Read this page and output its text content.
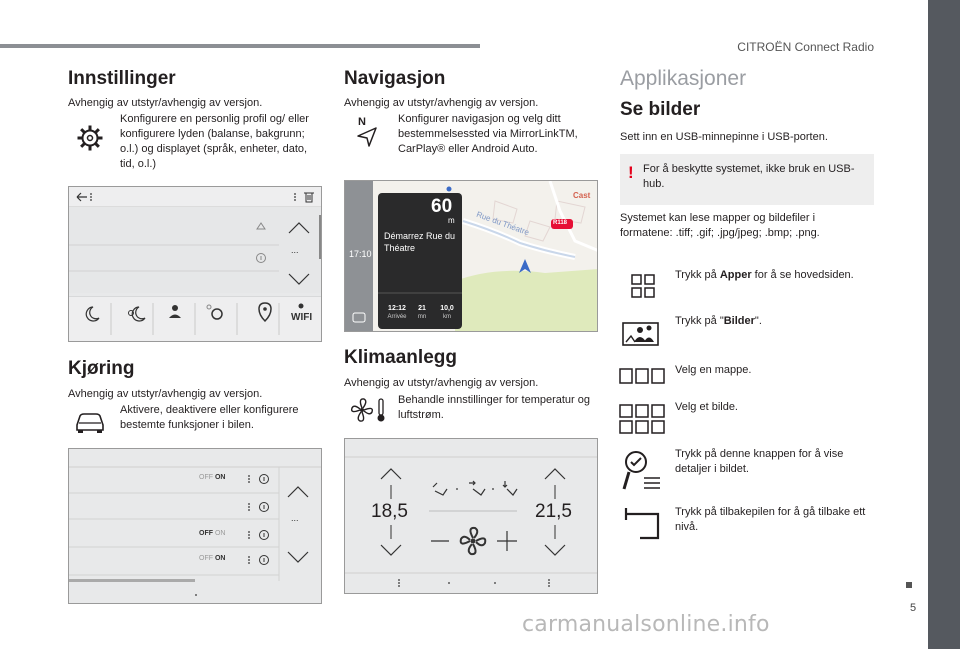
CITROËN Connect Radio
5
carmanualsonline.info
Innstillinger

Avhengig av utstyr/avhengig av versjon.

Konfigurere en personlig profil og/ eller konfigurere lyden (balanse, bakgrunn; o.l.) og displayet (språk, enheter, dato, tid, o.l.)

...
WIFI
Kjøring

Avhengig av utstyr/avhengig av versjon.

Aktivere, deaktivere eller konfigurere bestemte funksjoner i bilen.

OFF ON
OFF ON
OFF ON
...
Navigasjon

Avhengig av utstyr/avhengig av versjon.

N	Konfigurer navigasjon og velg ditt bestemmelsessted via MirrorLinkTM, CarPlay® eller Android Auto.

17:10
R118
Cast
Rue du Théatre
60
m
Démarrez Rue du Théatre
12:12
Arrivée
21
mn
10,0
km
Klimaanlegg

Avhengig av utstyr/avhengig av versjon.

Behandle innstillinger for temperatur og luftstrøm.

18,5	21,5
Applikasjoner
Se bilder

Sett inn en USB-minnepinne i USB-porten.

! For å beskytte systemet, ikke bruk en USB-hub.

Systemet kan lese mapper og bildefiler i formatene: .tiff; .gif; .jpg/jpeg; .bmp; .png.

Trykk på Apper for å se hovedsiden.

Trykk på "Bilder".

Velg en mappe.

Velg et bilde.

Trykk på denne knappen for å vise detaljer i bildet.

Trykk på tilbakepilen for å gå tilbake ett nivå.
